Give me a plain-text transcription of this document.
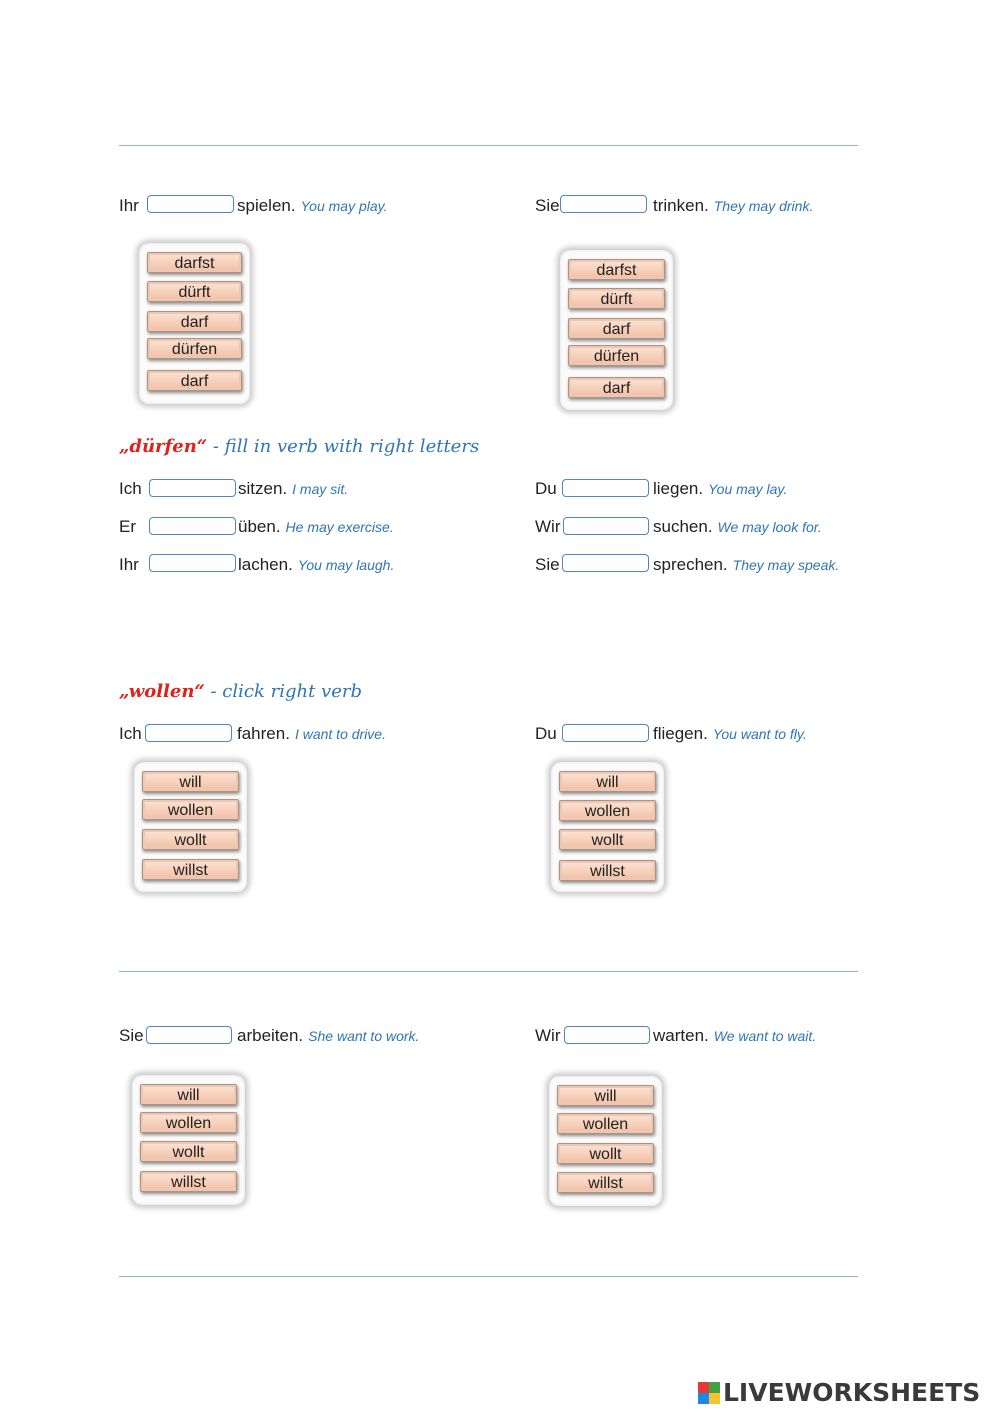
Ihr	spielen. You may play.
darfst
dürft
darf
dürfen
darf
Sie	trinken. They may drink.
darfst
dürft
darf
dürfen
darf
„dürfen“ - fill in verb with right letters
Ich	sitzen. I may sit.	Du	liegen. You may lay.
Er	üben. He may exercise.	Wir	suchen. We may look for.
Ihr	lachen. You may laugh.	Sie	sprechen. They may speak.
„wollen“ - click right verb
Ich	fahren. I want to drive.
will
wollen
wollt
willst
Du	fliegen. You want to fly.
will
wollen
wollt
willst
Sie	arbeiten. She want to work.
will
wollen
wollt
willst
Wir	warten. We want to wait.
will
wollen
wollt
willst
LIVEWORKSHEETS
